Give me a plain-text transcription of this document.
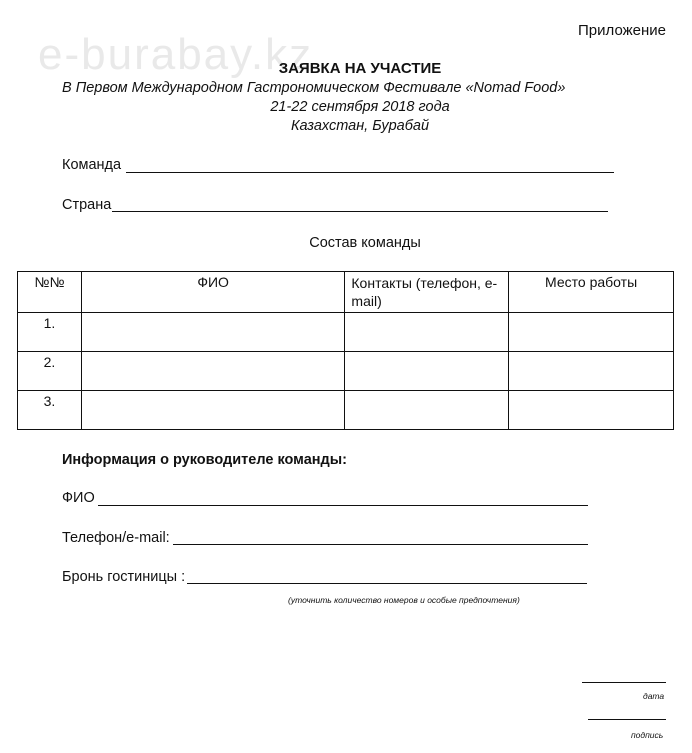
e-burabay.kz	Приложение
ЗАЯВКА НА УЧАСТИЕ
В Первом Международном Гастрономическом Фестивале «Nomad Food»
21-22 сентября 2018 года
Казахстан, Бурабай
Команда
Страна
Состав команды
№№	ФИО	Контакты (телефон, e-mail)	Место работы
1.			
2.			
3.			
Информация о руководителе команды:
ФИО
Телефон/e-mail:
Бронь гостиницы :
(уточнить количество номеров и особые предпочтения)
дата
подпись
